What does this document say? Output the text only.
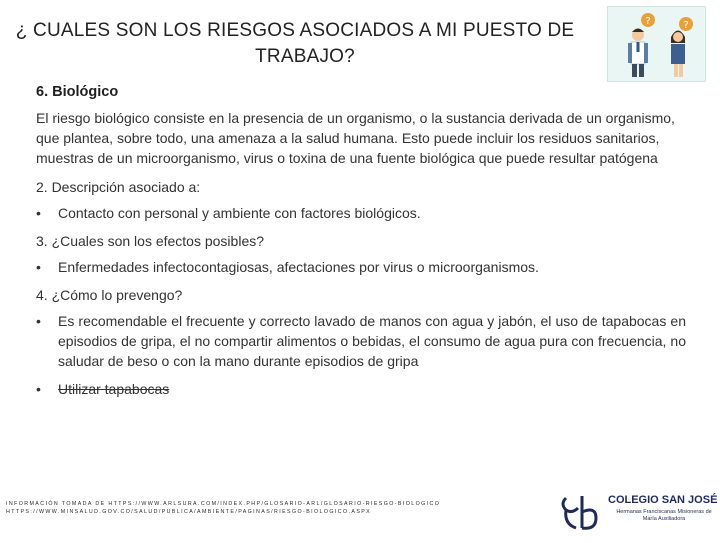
¿ CUALES SON LOS RIESGOS ASOCIADOS A MI PUESTO DE
TRABAJO?
?	?
6. Biológico

El riesgo biológico consiste en la presencia de un organismo, o la sustancia derivada de un organismo, que plantea, sobre todo, una amenaza a la salud humana. Esto puede incluir los residuos sanitarios, muestras de un microorganismo, virus o toxina de una fuente biológica que puede resultar patógena

2. Descripción asociado a:

•	Contacto con personal y ambiente con factores biológicos.

3. ¿Cuales son los efectos posibles?

•	Enfermedades infectocontagiosas, afectaciones por virus o microorganismos.

4. ¿Cómo lo prevengo?

•	Es recomendable el frecuente y correcto lavado de manos con agua y jabón, el uso de tapabocas en episodios de gripa, el no compartir alimentos o bebidas, el consumo de agua pura con frecuencia, no saludar de beso o con la mano durante episodios de gripa
•	Utilizar tapabocas
INFORMACIÓN TOMADA DE HTTPS://WWW.ARLSURA.COM/INDEX.PHP/GLOSARIO-ARL/GLOSARIO-RIESGO-BIOLOGICO
HTTPS://WWW.MINSALUD.GOV.CO/SALUD/PUBLICA/AMBIENTE/PAGINAS/RIESGO-BIOLOGICO.ASPX
COLEGIO SAN JOSÉ
Hermanas Franciscanas Misioneras de María Auxiliadora
